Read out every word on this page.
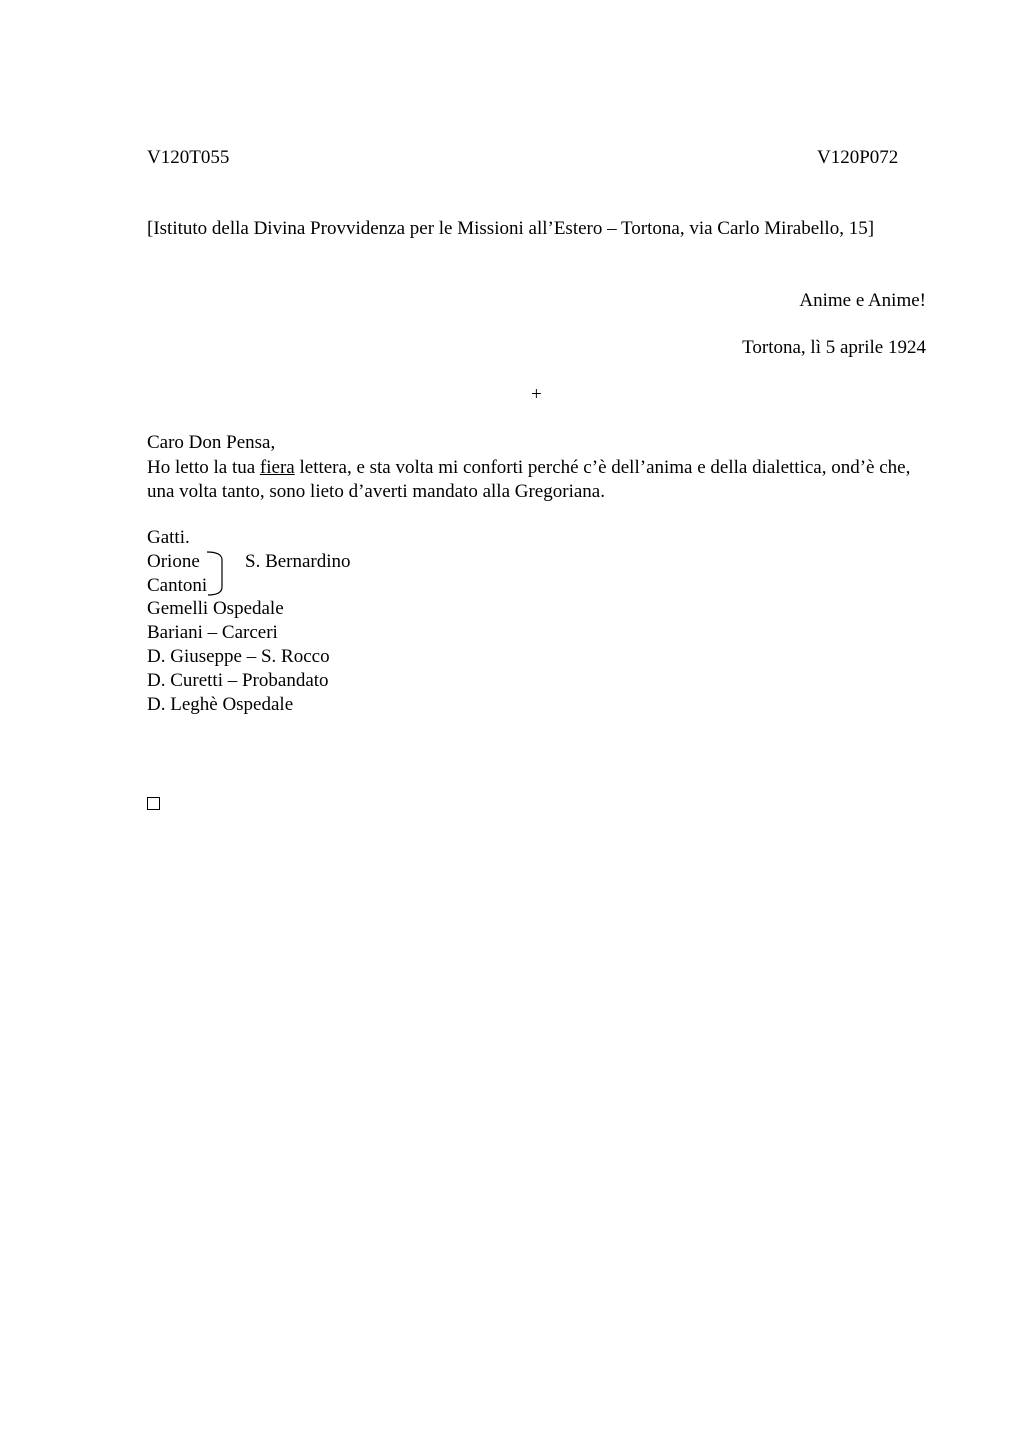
V120T055	V120P072
[Istituto della Divina Provvidenza per le Missioni all’Estero – Tortona, via Carlo Mirabello, 15]
Anime e Anime!
Tortona, lì 5 aprile 1924
+

Caro Don Pensa,

Ho letto la tua fiera lettera, e sta volta mi conforti perché c’è dell’anima e della dialettica, ond’è che, una volta tanto, sono lieto d’averti mandato alla Gregoriana.

Gatti.
Orione
Cantoni
Gemelli Ospedale
Bariani – Carceri
D. Giuseppe – S. Rocco
D. Curetti – Probandato
D. Leghè Ospedale
S. Bernardino
